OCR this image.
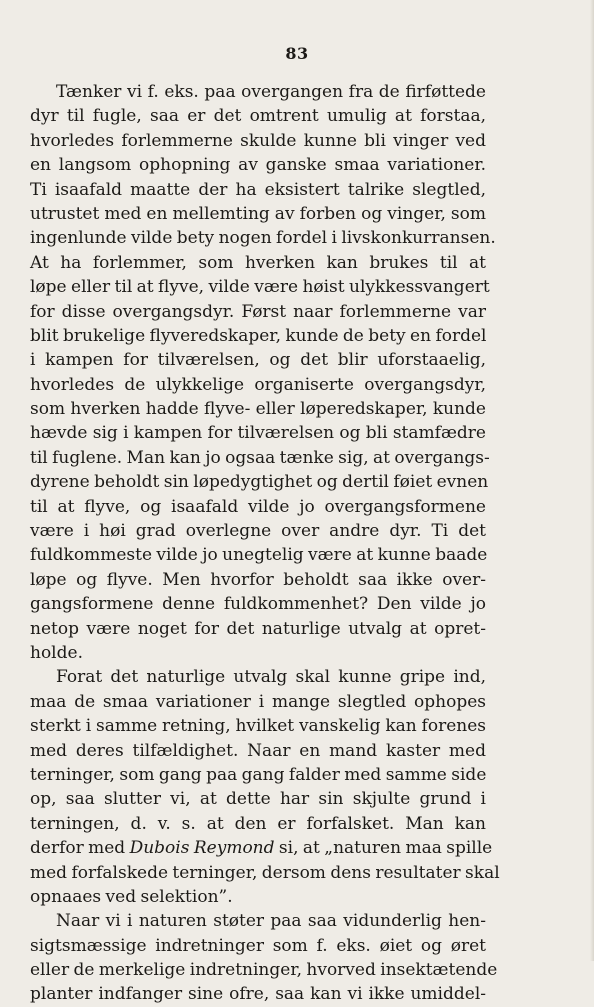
83
Tænker vi f. eks. paa overgangen fra de firføttede
dyr til fugle, saa er det omtrent umulig at forstaa,
hvorledes forlemmerne skulde kunne bli vinger ved
en langsom ophopning av ganske smaa variationer.
Ti isaafald maatte der ha eksistert talrike slegtled,
utrustet med en mellemting av forben og vinger, som
ingenlunde vilde bety nogen fordel i livskonkurransen.
At ha forlemmer, som hverken kan brukes til at
løpe eller til at flyve, vilde være høist ulykkessvangert
for disse overgangsdyr. Først naar forlemmerne var
blit brukelige flyveredskaper, kunde de bety en fordel
i kampen for tilværelsen, og det blir uforstaaelig,
hvorledes de ulykkelige organiserte overgangsdyr,
som hverken hadde flyve- eller løperedskaper, kunde
hævde sig i kampen for tilværelsen og bli stamfædre
til fuglene. Man kan jo ogsaa tænke sig, at overgangs-
dyrene beholdt sin løpedygtighet og dertil føiet evnen
til at flyve, og isaafald vilde jo overgangsformene
være i høi grad overlegne over andre dyr. Ti det
fuldkommeste vilde jo unegtelig være at kunne baade
løpe og flyve. Men hvorfor beholdt saa ikke over-
gangsformene denne fuldkommenhet? Den vilde jo
netop være noget for det naturlige utvalg at opret-
holde.
Forat det naturlige utvalg skal kunne gripe ind,
maa de smaa variationer i mange slegtled ophopes
sterkt i samme retning, hvilket vanskelig kan forenes
med deres tilfældighet. Naar en mand kaster med
terninger, som gang paa gang falder med samme side
op, saa slutter vi, at dette har sin skjulte grund i
terningen, d. v. s. at den er forfalsket. Man kan
derfor med Dubois Reymond si, at „naturen maa spille
med forfalskede terninger, dersom dens resultater skal
opnaaes ved selektion”.
Naar vi i naturen støter paa saa vidunderlig hen-
sigtsmæssige indretninger som f. eks. øiet og øret
eller de merkelige indretninger, hvorved insektætende
planter indfanger sine ofre, saa kan vi ikke umiddel-
